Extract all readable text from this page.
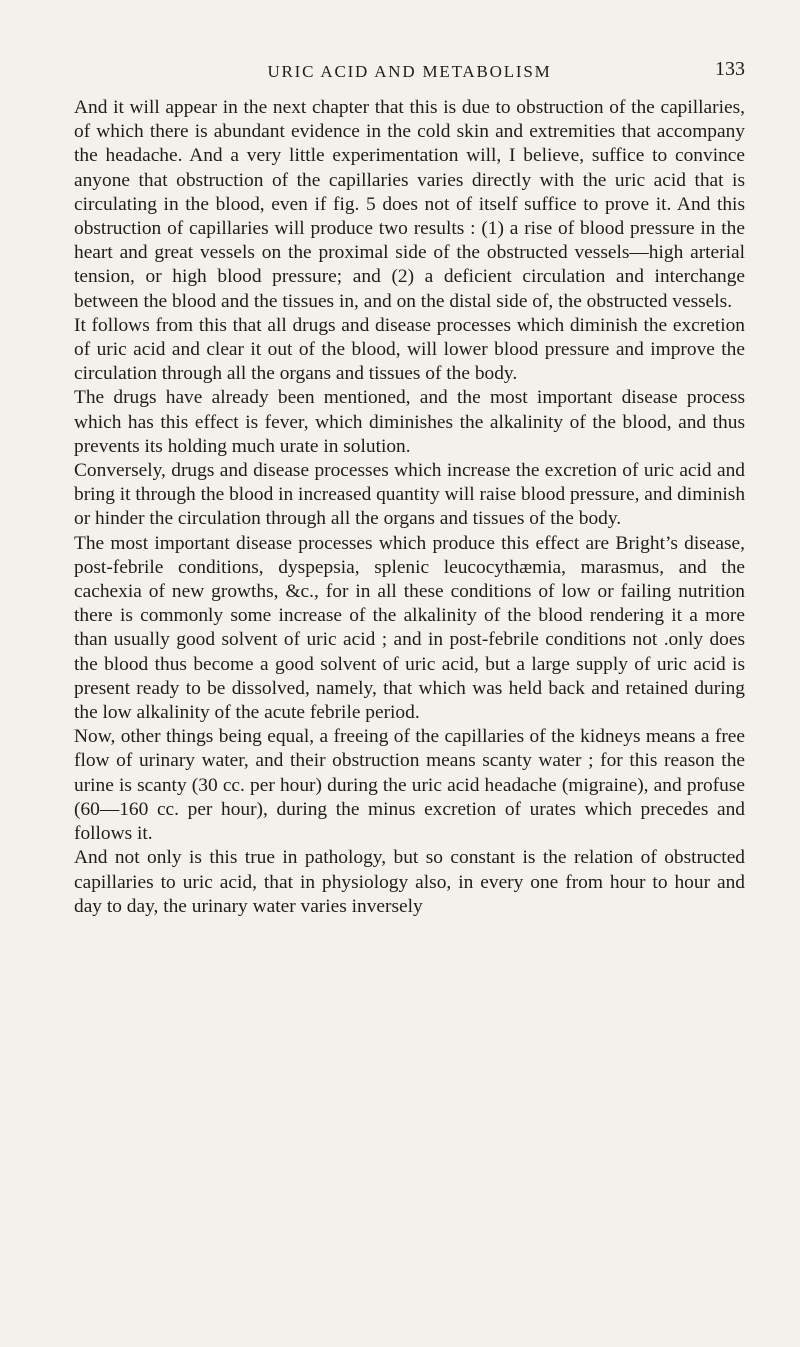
URIC ACID AND METABOLISM	133

And it will appear in the next chapter that this is due to obstruction of the capillaries, of which there is abundant evidence in the cold skin and extremities that accompany the headache. And a very little experimentation will, I believe, suffice to convince anyone that obstruction of the capillaries varies directly with the uric acid that is circulating in the blood, even if fig. 5 does not of itself suffice to prove it. And this obstruction of capillaries will produce two results : (1) a rise of blood pressure in the heart and great vessels on the proximal side of the obstructed vessels—high arterial tension, or high blood pressure; and (2) a deficient circulation and interchange between the blood and the tissues in, and on the distal side of, the obstructed vessels.

It follows from this that all drugs and disease processes which diminish the excretion of uric acid and clear it out of the blood, will lower blood pressure and improve the circulation through all the organs and tissues of the body.

The drugs have already been mentioned, and the most important disease process which has this effect is fever, which diminishes the alkalinity of the blood, and thus prevents its holding much urate in solution.

Conversely, drugs and disease processes which increase the excretion of uric acid and bring it through the blood in increased quantity will raise blood pressure, and diminish or hinder the circulation through all the organs and tissues of the body.

The most important disease processes which produce this effect are Bright’s disease, post-febrile conditions, dyspepsia, splenic leucocythæmia, marasmus, and the cachexia of new growths, &c., for in all these conditions of low or failing nutrition there is commonly some increase of the alkalinity of the blood rendering it a more than usually good solvent of uric acid ; and in post-febrile conditions not .only does the blood thus become a good solvent of uric acid, but a large supply of uric acid is present ready to be dissolved, namely, that which was held back and retained during the low alkalinity of the acute febrile period.

Now, other things being equal, a freeing of the capillaries of the kidneys means a free flow of urinary water, and their obstruction means scanty water ; for this reason the urine is scanty (30 cc. per hour) during the uric acid headache (migraine), and profuse (60—160 cc. per hour), during the minus excretion of urates which precedes and follows it.

And not only is this true in pathology, but so constant is the relation of obstructed capillaries to uric acid, that in physiology also, in every one from hour to hour and day to day, the urinary water varies inversely
